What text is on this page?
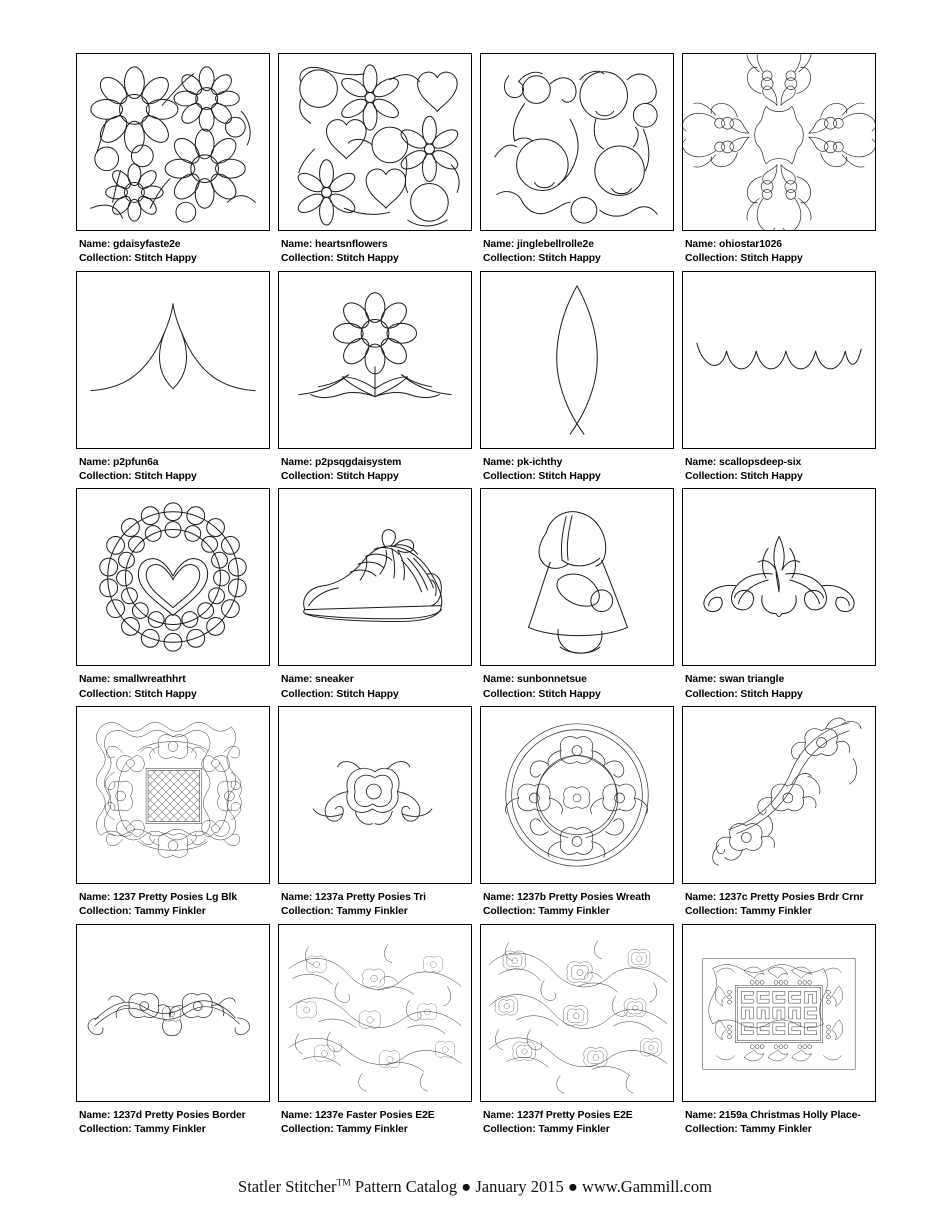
Name: gdaisyfaste2e
Collection: Stitch Happy
Name: heartsnflowers
Collection: Stitch Happy
Name: jinglebellrolle2e
Collection: Stitch Happy
Name: ohiostar1026
Collection: Stitch Happy
Name: p2pfun6a
Collection: Stitch Happy
Name: p2psqgdaisystem
Collection: Stitch Happy
Name: pk-ichthy
Collection: Stitch Happy
Name: scallopsdeep-six
Collection: Stitch Happy
Name: smallwreathhrt
Collection: Stitch Happy
Name: sneaker
Collection: Stitch Happy
Name: sunbonnetsue
Collection: Stitch Happy
Name: swan triangle
Collection: Stitch Happy
Name: 1237 Pretty Posies Lg Blk
Collection: Tammy Finkler
Name: 1237a Pretty Posies Tri
Collection: Tammy Finkler
Name: 1237b Pretty Posies Wreath
Collection: Tammy Finkler
Name: 1237c Pretty Posies Brdr Crnr
Collection: Tammy Finkler
Name: 1237d Pretty Posies Border
Collection: Tammy Finkler
Name: 1237e Faster Posies E2E
Collection: Tammy Finkler
Name: 1237f Pretty Posies E2E
Collection: Tammy Finkler
Name: 2159a Christmas Holly Place-
Collection: Tammy Finkler
Statler Stitcher™ Pattern Catalog ● January 2015 ● www.Gammill.com
